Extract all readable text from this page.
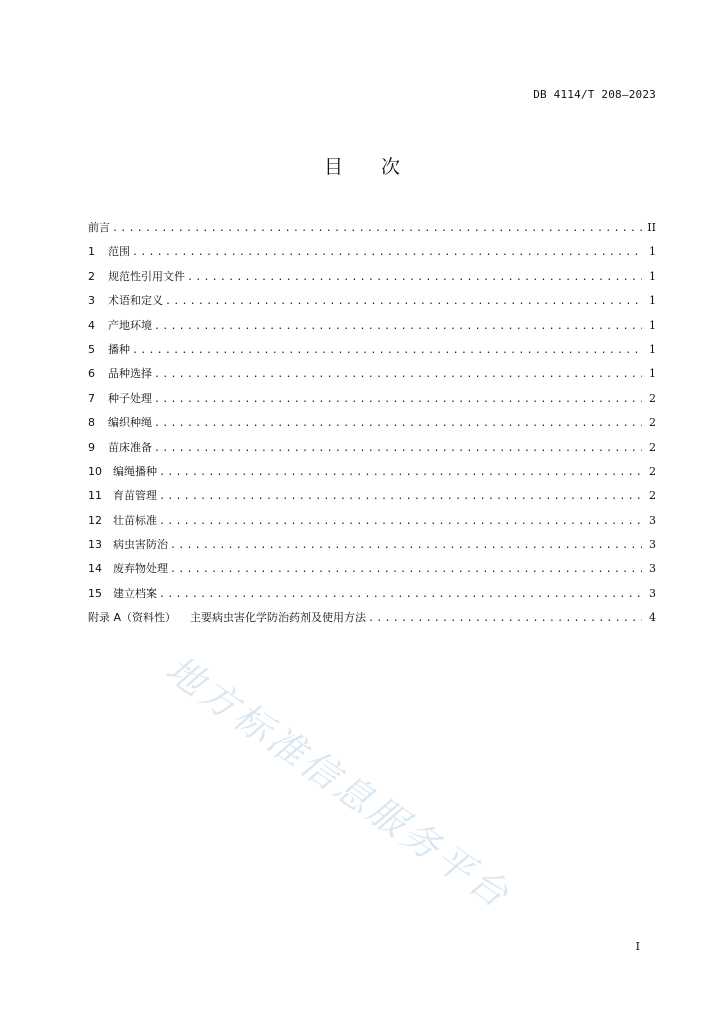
DB 4114/T 208—2023
目 次
前言 .....	II
1	范围 .....	1
2	规范性引用文件 .....	1
3	术语和定义 .....	1
4	产地环境 .....	1
5	播种 .....	1
6	品种选择 .....	1
7	种子处理 .....	2
8	编织种绳 .....	2
9	苗床准备 .....	2
10	编绳播种 .....	2
11	育苗管理 .....	2
12	壮苗标准 .....	3
13	病虫害防治 .....	3
14	废弃物处理 .....	3
15	建立档案 .....	3
附录 A（资料性） 主要病虫害化学防治药剂及使用方法 .....	4
地方标准信息服务平台
I
